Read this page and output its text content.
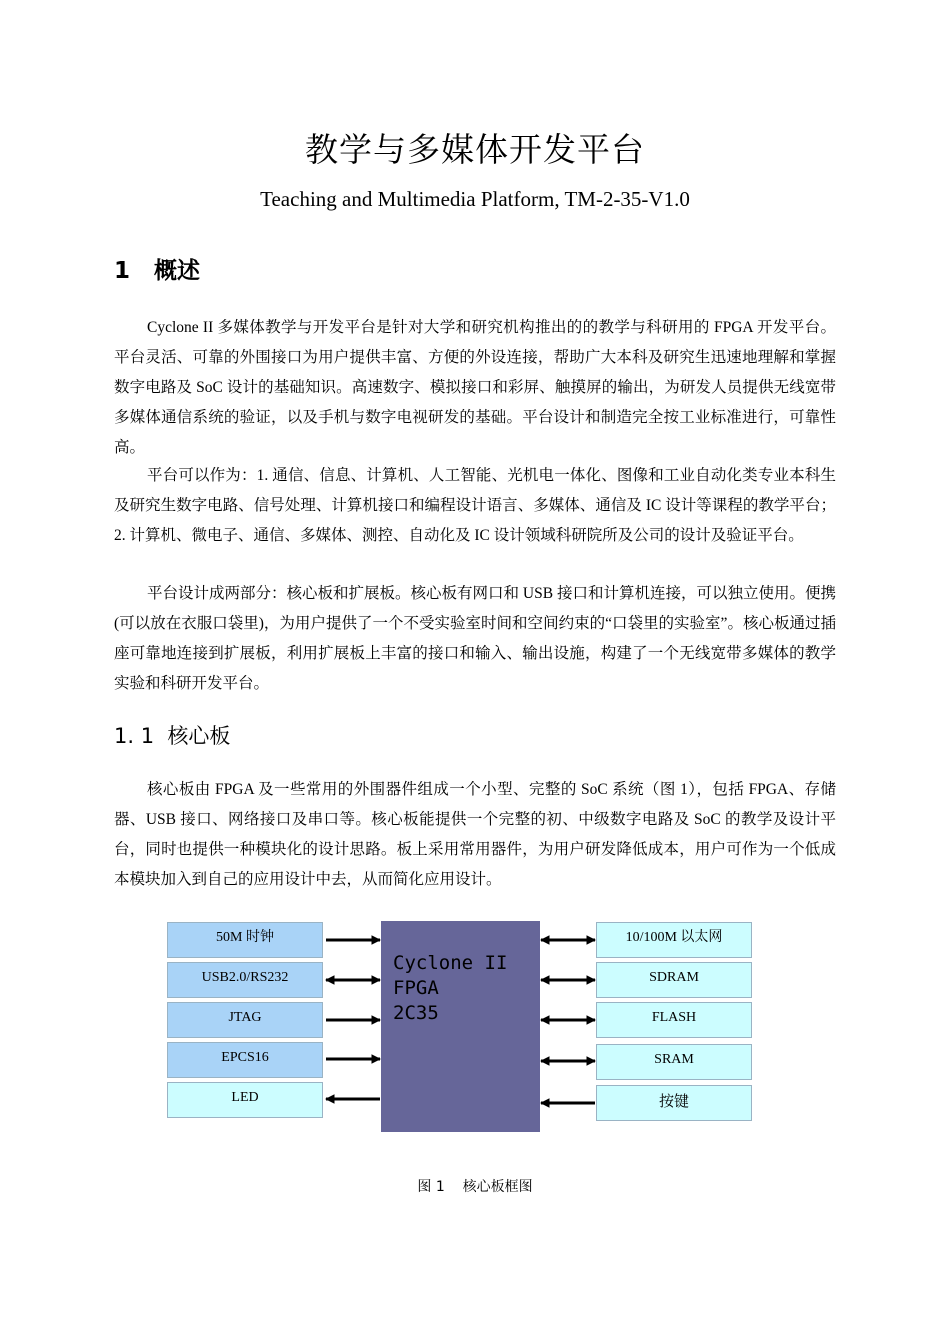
教学与多媒体开发平台
Teaching and Multimedia Platform, TM-2-35-V1.0
1   概述

Cyclone II 多媒体教学与开发平台是针对大学和研究机构推出的的教学与科研用的 FPGA 开发平台。平台灵活、可靠的外围接口为用户提供丰富、方便的外设连接，帮助广大本科及研究生迅速地理解和掌握数字电路及 SoC 设计的基础知识。高速数字、模拟接口和彩屏、触摸屏的输出，为研发人员提供无线宽带多媒体通信系统的验证，以及手机与数字电视研发的基础。平台设计和制造完全按工业标准进行，可靠性高。

平台可以作为：1. 通信、信息、计算机、人工智能、光机电一体化、图像和工业自动化类专业本科生及研究生数字电路、信号处理、计算机接口和编程设计语言、多媒体、通信及 IC 设计等课程的教学平台；2. 计算机、微电子、通信、多媒体、测控、自动化及 IC 设计领域科研院所及公司的设计及验证平台。

平台设计成两部分：核心板和扩展板。核心板有网口和 USB 接口和计算机连接，可以独立使用。便携(可以放在衣服口袋里)，为用户提供了一个不受实验室时间和空间约束的“口袋里的实验室”。核心板通过插座可靠地连接到扩展板，利用扩展板上丰富的接口和输入、输出设施，构建了一个无线宽带多媒体的教学实验和科研开发平台。

1. 1  核心板

核心板由 FPGA 及一些常用的外围器件组成一个小型、完整的 SoC 系统（图 1），包括 FPGA、存储器、USB 接口、网络接口及串口等。核心板能提供一个完整的初、中级数字电路及 SoC 的教学及设计平台，同时也提供一种模块化的设计思路。板上采用常用器件，为用户研发降低成本，用户可作为一个低成本模块加入到自己的应用设计中去，从而简化应用设计。

50M 时钟
USB2.0/RS232
JTAG
EPCS16
LED
Cyclone II
FPGA
2C35
10/100M 以太网
SDRAM
FLASH
SRAM
按键
图 1    核心板框图
